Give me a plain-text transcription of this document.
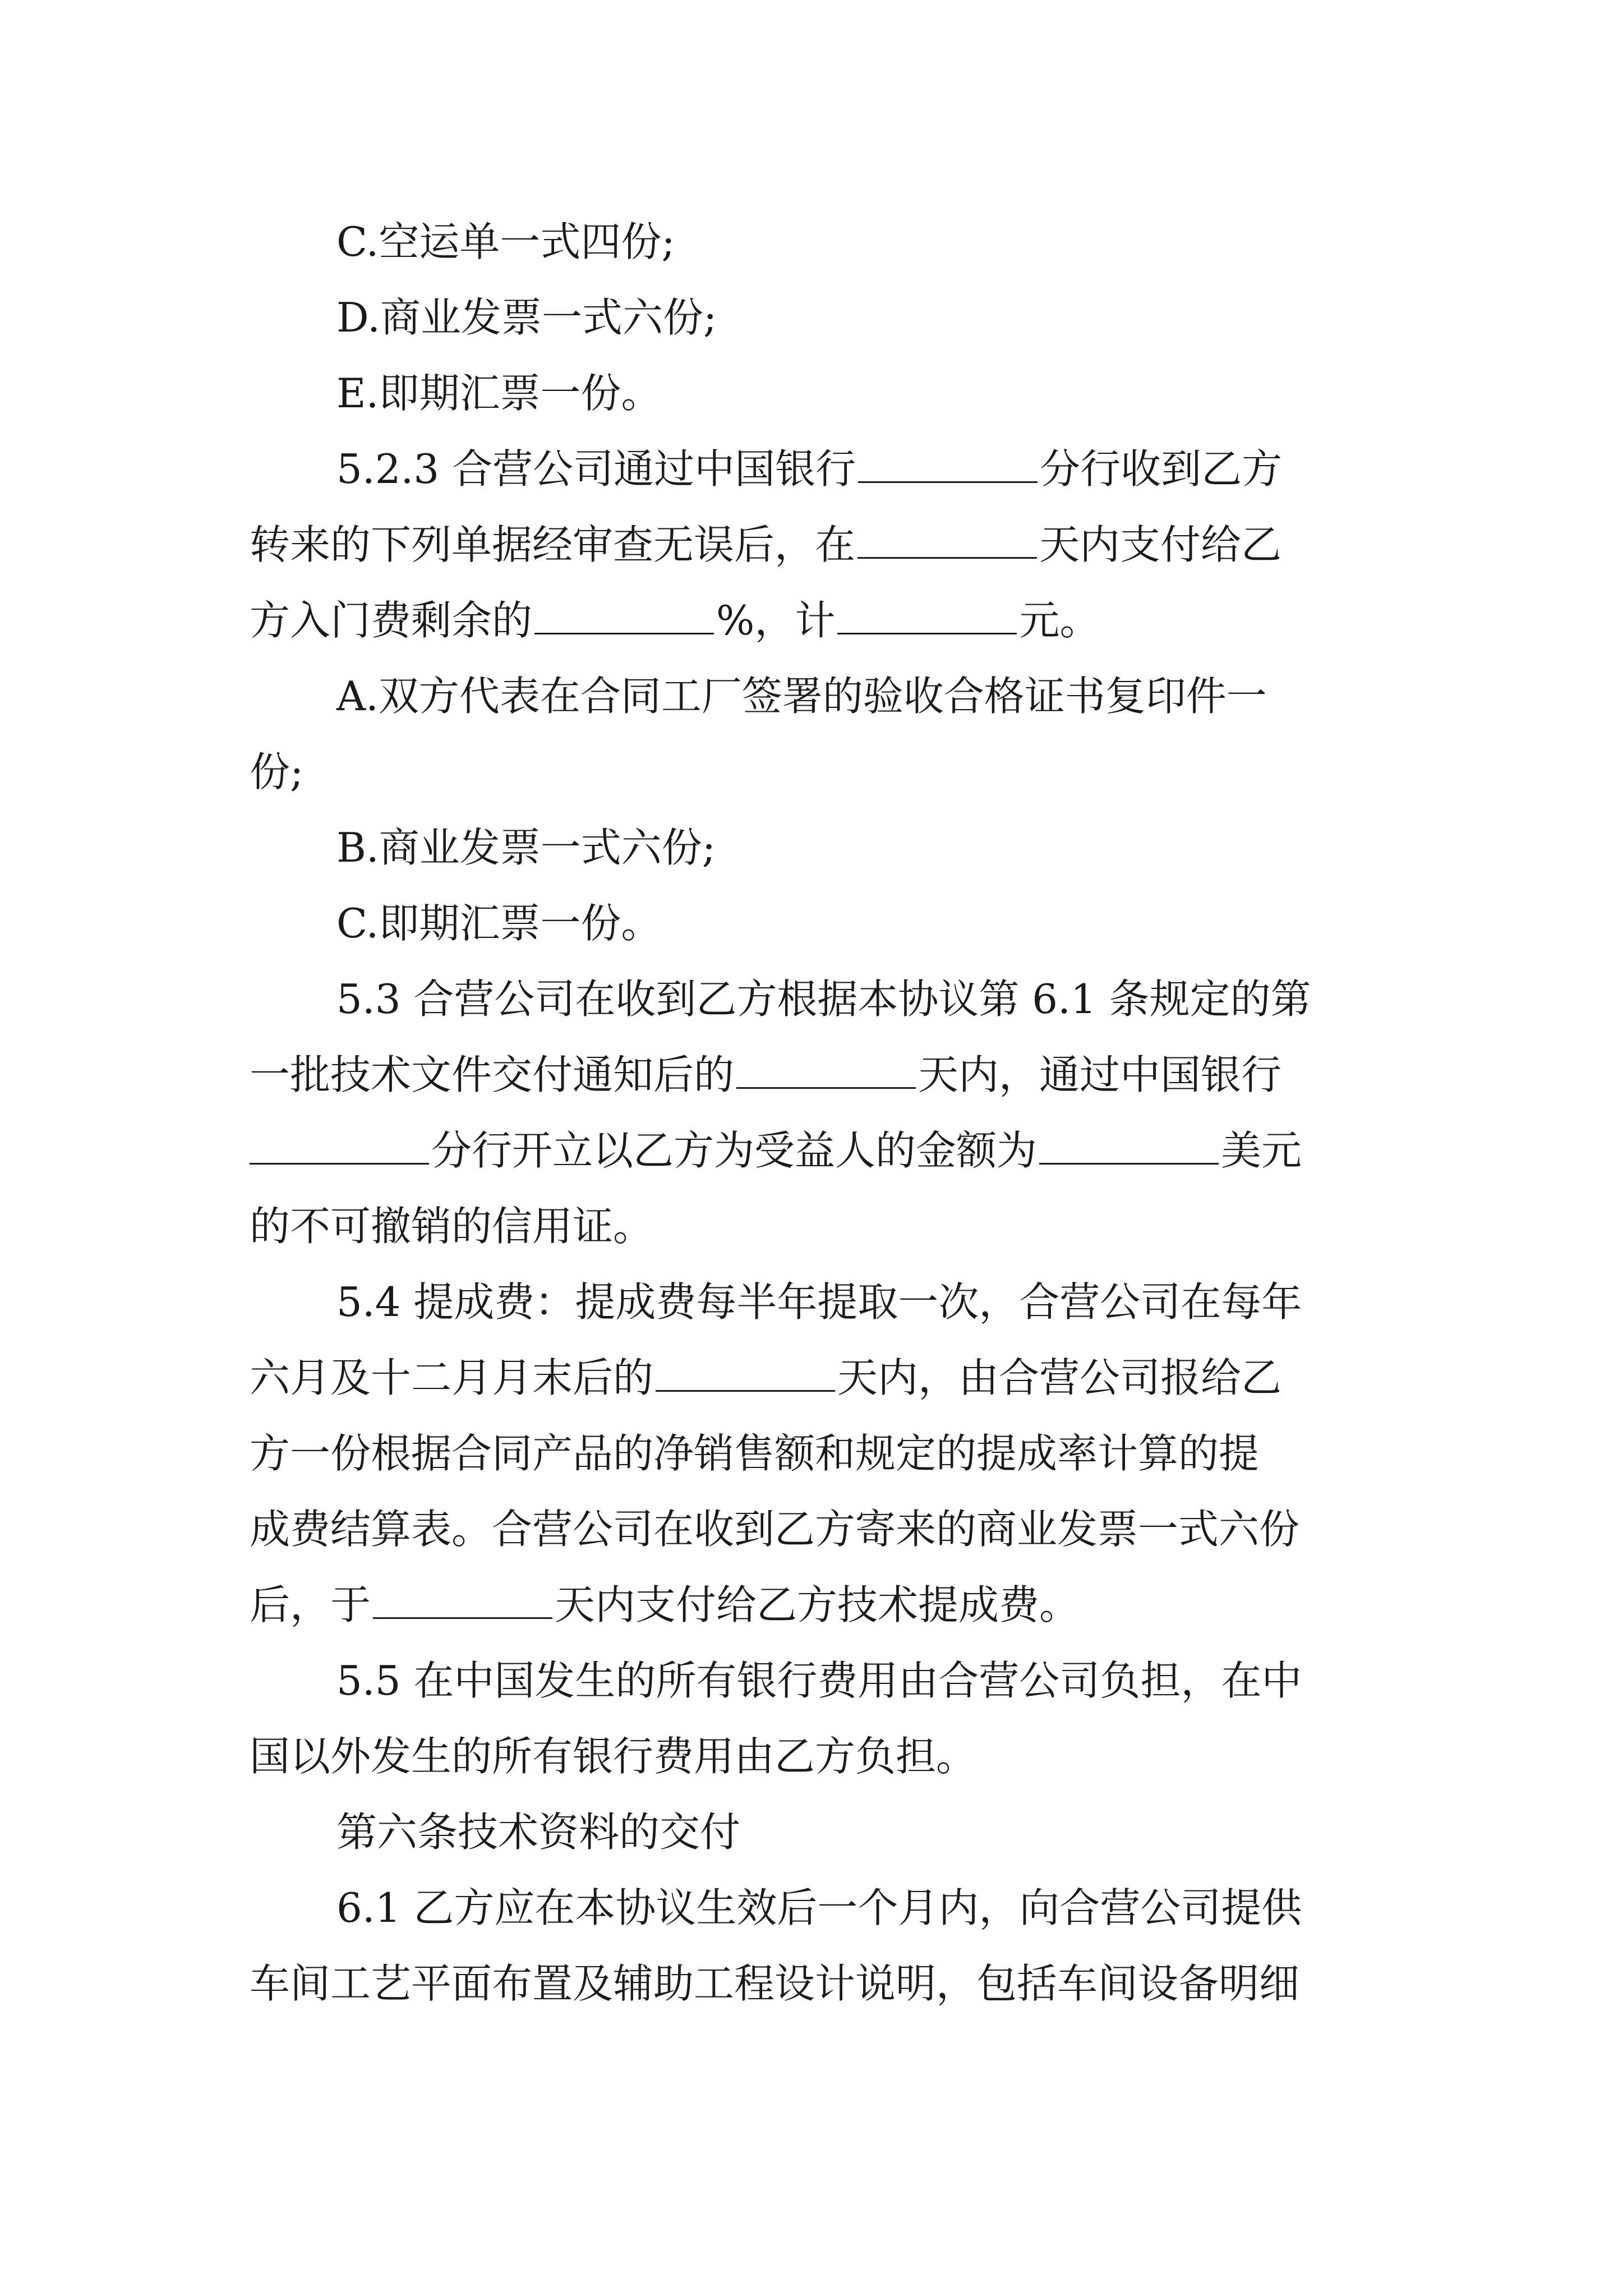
C.空运单一式四份;
D.商业发票一式六份;
E.即期汇票一份。
5.2.3 合营公司通过中国银行	分行收到乙方
转来的下列单据经审查无误后，在	天内支付给乙
方入门费剩余的	%，计	元。
A.双方代表在合同工厂签署的验收合格证书复印件一
份;
B.商业发票一式六份;
C.即期汇票一份。
5.3 合营公司在收到乙方根据本协议第 6.1 条规定的第
一批技术文件交付通知后的	天内，通过中国银行
分行开立以乙方为受益人的金额为	美元
的不可撤销的信用证。
5.4 提成费：提成费每半年提取一次，合营公司在每年
六月及十二月月末后的	天内，由合营公司报给乙
方一份根据合同产品的净销售额和规定的提成率计算的提
成费结算表。合营公司在收到乙方寄来的商业发票一式六份
后，于	天内支付给乙方技术提成费。
5.5 在中国发生的所有银行费用由合营公司负担，在中
国以外发生的所有银行费用由乙方负担。
第六条技术资料的交付
6.1 乙方应在本协议生效后一个月内，向合营公司提供
车间工艺平面布置及辅助工程设计说明，包括车间设备明细
